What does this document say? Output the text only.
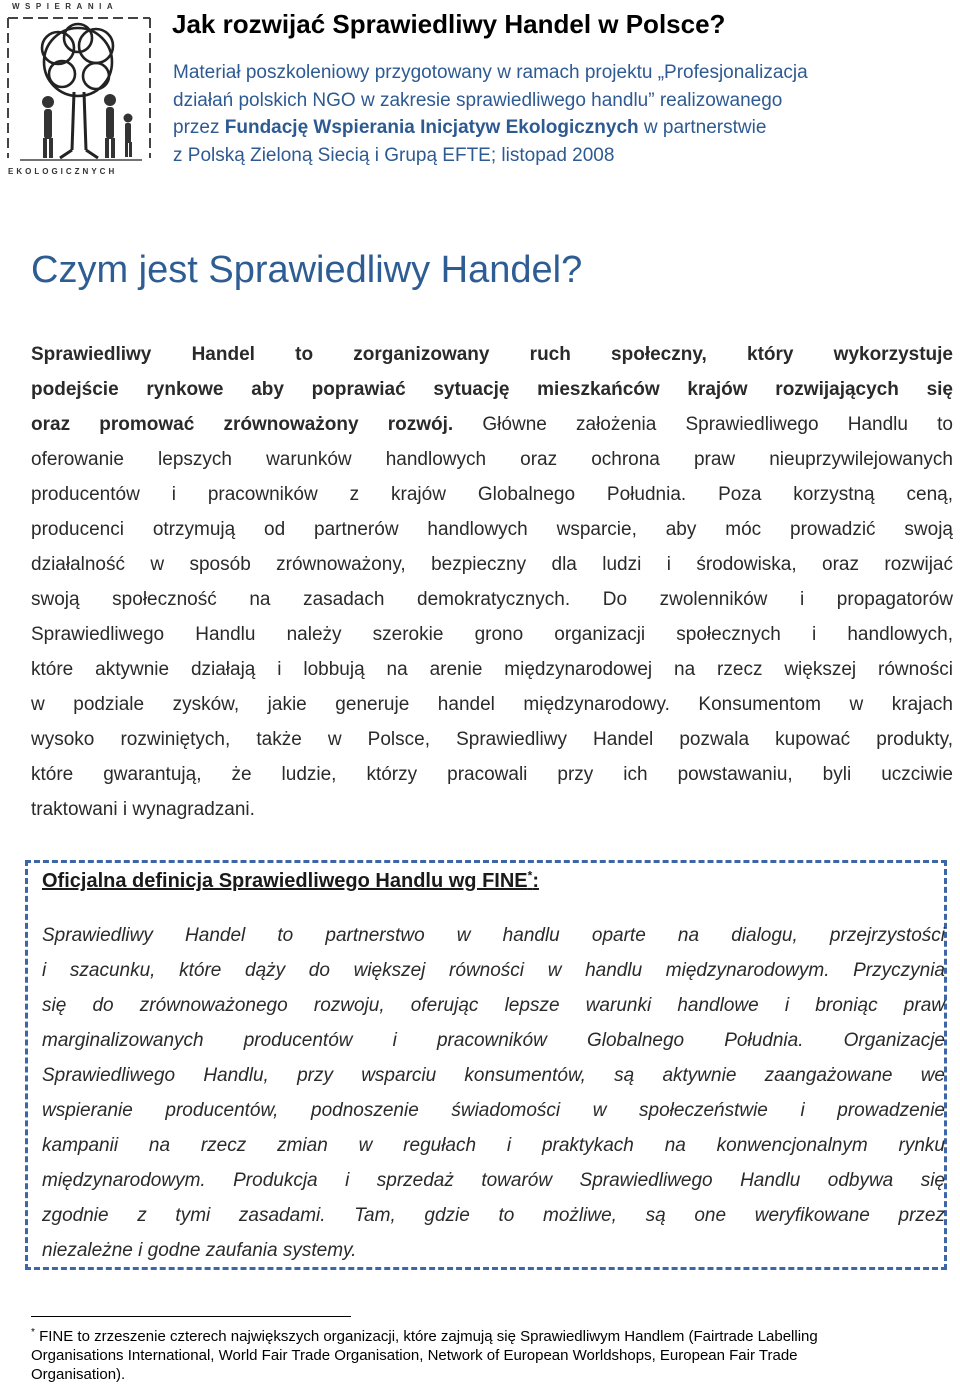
WSPIERANIA
EKOLOGICZNYCH
Jak rozwijać Sprawiedliwy Handel w Polsce?

Materiał poszkoleniowy przygotowany w ramach projektu „Profesjonalizacja
działań polskich NGO w zakresie sprawiedliwego handlu” realizowanego
przez Fundację Wspierania Inicjatyw Ekologicznych w partnerstwie
z Polską Zieloną Siecią i Grupą EFTE; listopad 2008

Czym jest Sprawiedliwy Handel?
Sprawiedliwy Handel to zorganizowany ruch społeczny, który wykorzystuje
podejście rynkowe aby poprawiać sytuację mieszkańców krajów rozwijających się
oraz promować zrównoważony rozwój. Główne założenia Sprawiedliwego Handlu to
oferowanie lepszych warunków handlowych oraz ochrona praw nieuprzywilejowanych
producentów i pracowników z krajów Globalnego Południa. Poza korzystną ceną,
producenci otrzymują od partnerów handlowych wsparcie, aby móc prowadzić swoją
działalność w sposób zrównoważony, bezpieczny dla ludzi i środowiska, oraz rozwijać
swoją społeczność na zasadach demokratycznych. Do zwolenników i propagatorów
Sprawiedliwego Handlu należy szerokie grono organizacji społecznych i handlowych,
które aktywnie działają i lobbują na arenie międzynarodowej na rzecz większej równości
w podziale zysków, jakie generuje handel międzynarodowy. Konsumentom w krajach
wysoko rozwiniętych, także w Polsce, Sprawiedliwy Handel pozwala kupować produkty,
które gwarantują, że ludzie, którzy pracowali przy ich powstawaniu, byli uczciwie
traktowani i wynagradzani.
Oficjalna definicja Sprawiedliwego Handlu wg FINE*:
Sprawiedliwy Handel to partnerstwo w handlu oparte na dialogu, przejrzystości
i szacunku, które dąży do większej równości w handlu międzynarodowym. Przyczynia
się do zrównoważonego rozwoju, oferując lepsze warunki handlowe i broniąc praw
marginalizowanych producentów i pracowników Globalnego Południa. Organizacje
Sprawiedliwego Handlu, przy wsparciu konsumentów, są aktywnie zaangażowane we
wspieranie producentów, podnoszenie świadomości w społeczeństwie i prowadzenie
kampanii na rzecz zmian w regułach i praktykach na konwencjonalnym rynku
międzynarodowym. Produkcja i sprzedaż towarów Sprawiedliwego Handlu odbywa się
zgodnie z tymi zasadami. Tam, gdzie to możliwe, są one weryfikowane przez
niezależne i godne zaufania systemy.
* FINE to zrzeszenie czterech największych organizacji, które zajmują się Sprawiedliwym Handlem (Fairtrade Labelling
Organisations International, World Fair Trade Organisation, Network of European Worldshops, European Fair Trade
Organisation).
